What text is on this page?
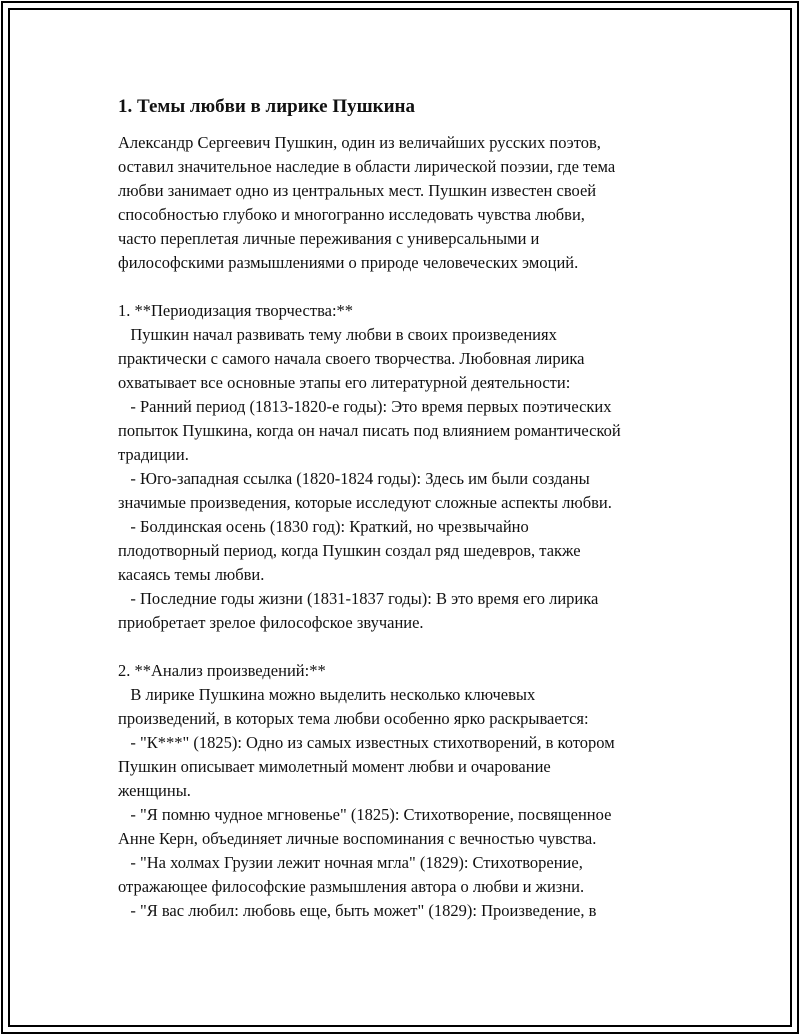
1. Темы любви в лирике Пушкина
Александр Сергеевич Пушкин, один из величайших русских поэтов,
оставил значительное наследие в области лирической поэзии, где тема
любви занимает одно из центральных мест. Пушкин известен своей
способностью глубоко и многогранно исследовать чувства любви,
часто переплетая личные переживания с универсальными и
философскими размышлениями о природе человеческих эмоций.
1. **Периодизация творчества:**
Пушкин начал развивать тему любви в своих произведениях
практически с самого начала своего творчества. Любовная лирика
охватывает все основные этапы его литературной деятельности:
- Ранний период (1813-1820-е годы): Это время первых поэтических
попыток Пушкина, когда он начал писать под влиянием романтической
традиции.
- Юго-западная ссылка (1820-1824 годы): Здесь им были созданы
значимые произведения, которые исследуют сложные аспекты любви.
- Болдинская осень (1830 год): Краткий, но чрезвычайно
плодотворный период, когда Пушкин создал ряд шедевров, также
касаясь темы любви.
- Последние годы жизни (1831-1837 годы): В это время его лирика
приобретает зрелое философское звучание.
2. **Анализ произведений:**
В лирике Пушкина можно выделить несколько ключевых
произведений, в которых тема любви особенно ярко раскрывается:
- "К***" (1825): Одно из самых известных стихотворений, в котором
Пушкин описывает мимолетный момент любви и очарование
женщины.
- "Я помню чудное мгновенье" (1825): Стихотворение, посвященное
Анне Керн, объединяет личные воспоминания с вечностью чувства.
- "На холмах Грузии лежит ночная мгла" (1829): Стихотворение,
отражающее философские размышления автора о любви и жизни.
- "Я вас любил: любовь еще, быть может" (1829): Произведение, в
